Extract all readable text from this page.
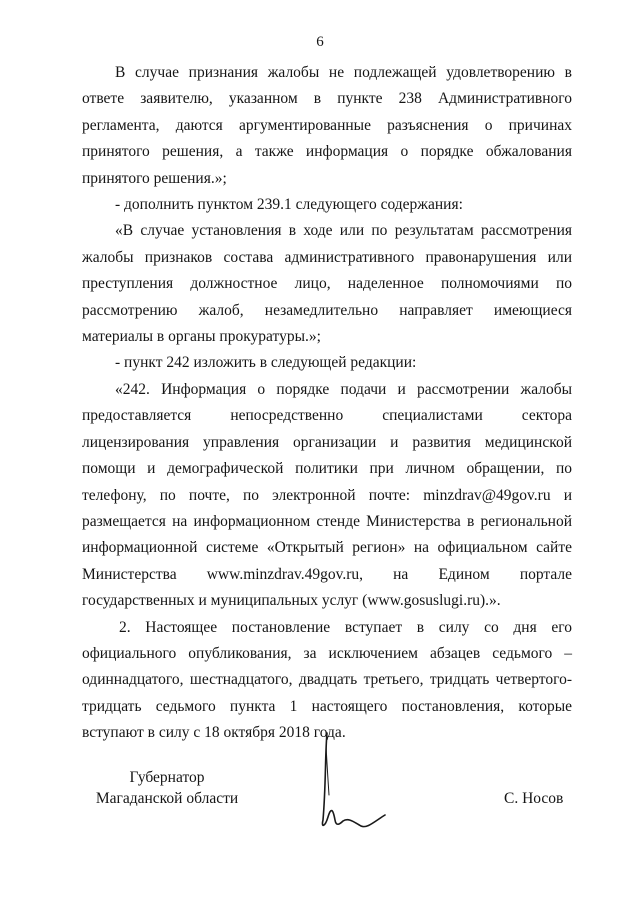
6

В случае признания жалобы не подлежащей удовлетворению в ответе заявителю, указанном в пункте 238 Административного регламента, даются аргументированные разъяснения о причинах принятого решения, а также информация о порядке обжалования принятого решения.»;

- дополнить пунктом 239.1 следующего содержания:

«В случае установления в ходе или по результатам рассмотрения жалобы признаков состава административного правонарушения или преступления должностное лицо, наделенное полномочиями по рассмотрению жалоб, незамедлительно направляет имеющиеся материалы в органы прокуратуры.»;

- пункт 242 изложить в следующей редакции:

«242. Информация о порядке подачи и рассмотрении жалобы предоставляется непосредственно специалистами сектора лицензирования управления организации и развития медицинской помощи и демографической политики при личном обращении, по телефону, по почте, по электронной почте: minzdrav@49gov.ru и размещается на информационном стенде Министерства в региональной информационной системе «Открытый регион» на официальном сайте Министерства www.minzdrav.49gov.ru, на Едином портале государственных и муниципальных услуг (www.gosuslugi.ru).».

2. Настоящее постановление вступает в силу со дня его официального опубликования, за исключением абзацев седьмого – одиннадцатого, шестнадцатого, двадцать третьего, тридцать четвертого-тридцать седьмого пункта 1 настоящего постановления, которые вступают в силу с 18 октября 2018 года.

Губернатор
Магаданской области	С. Носов
